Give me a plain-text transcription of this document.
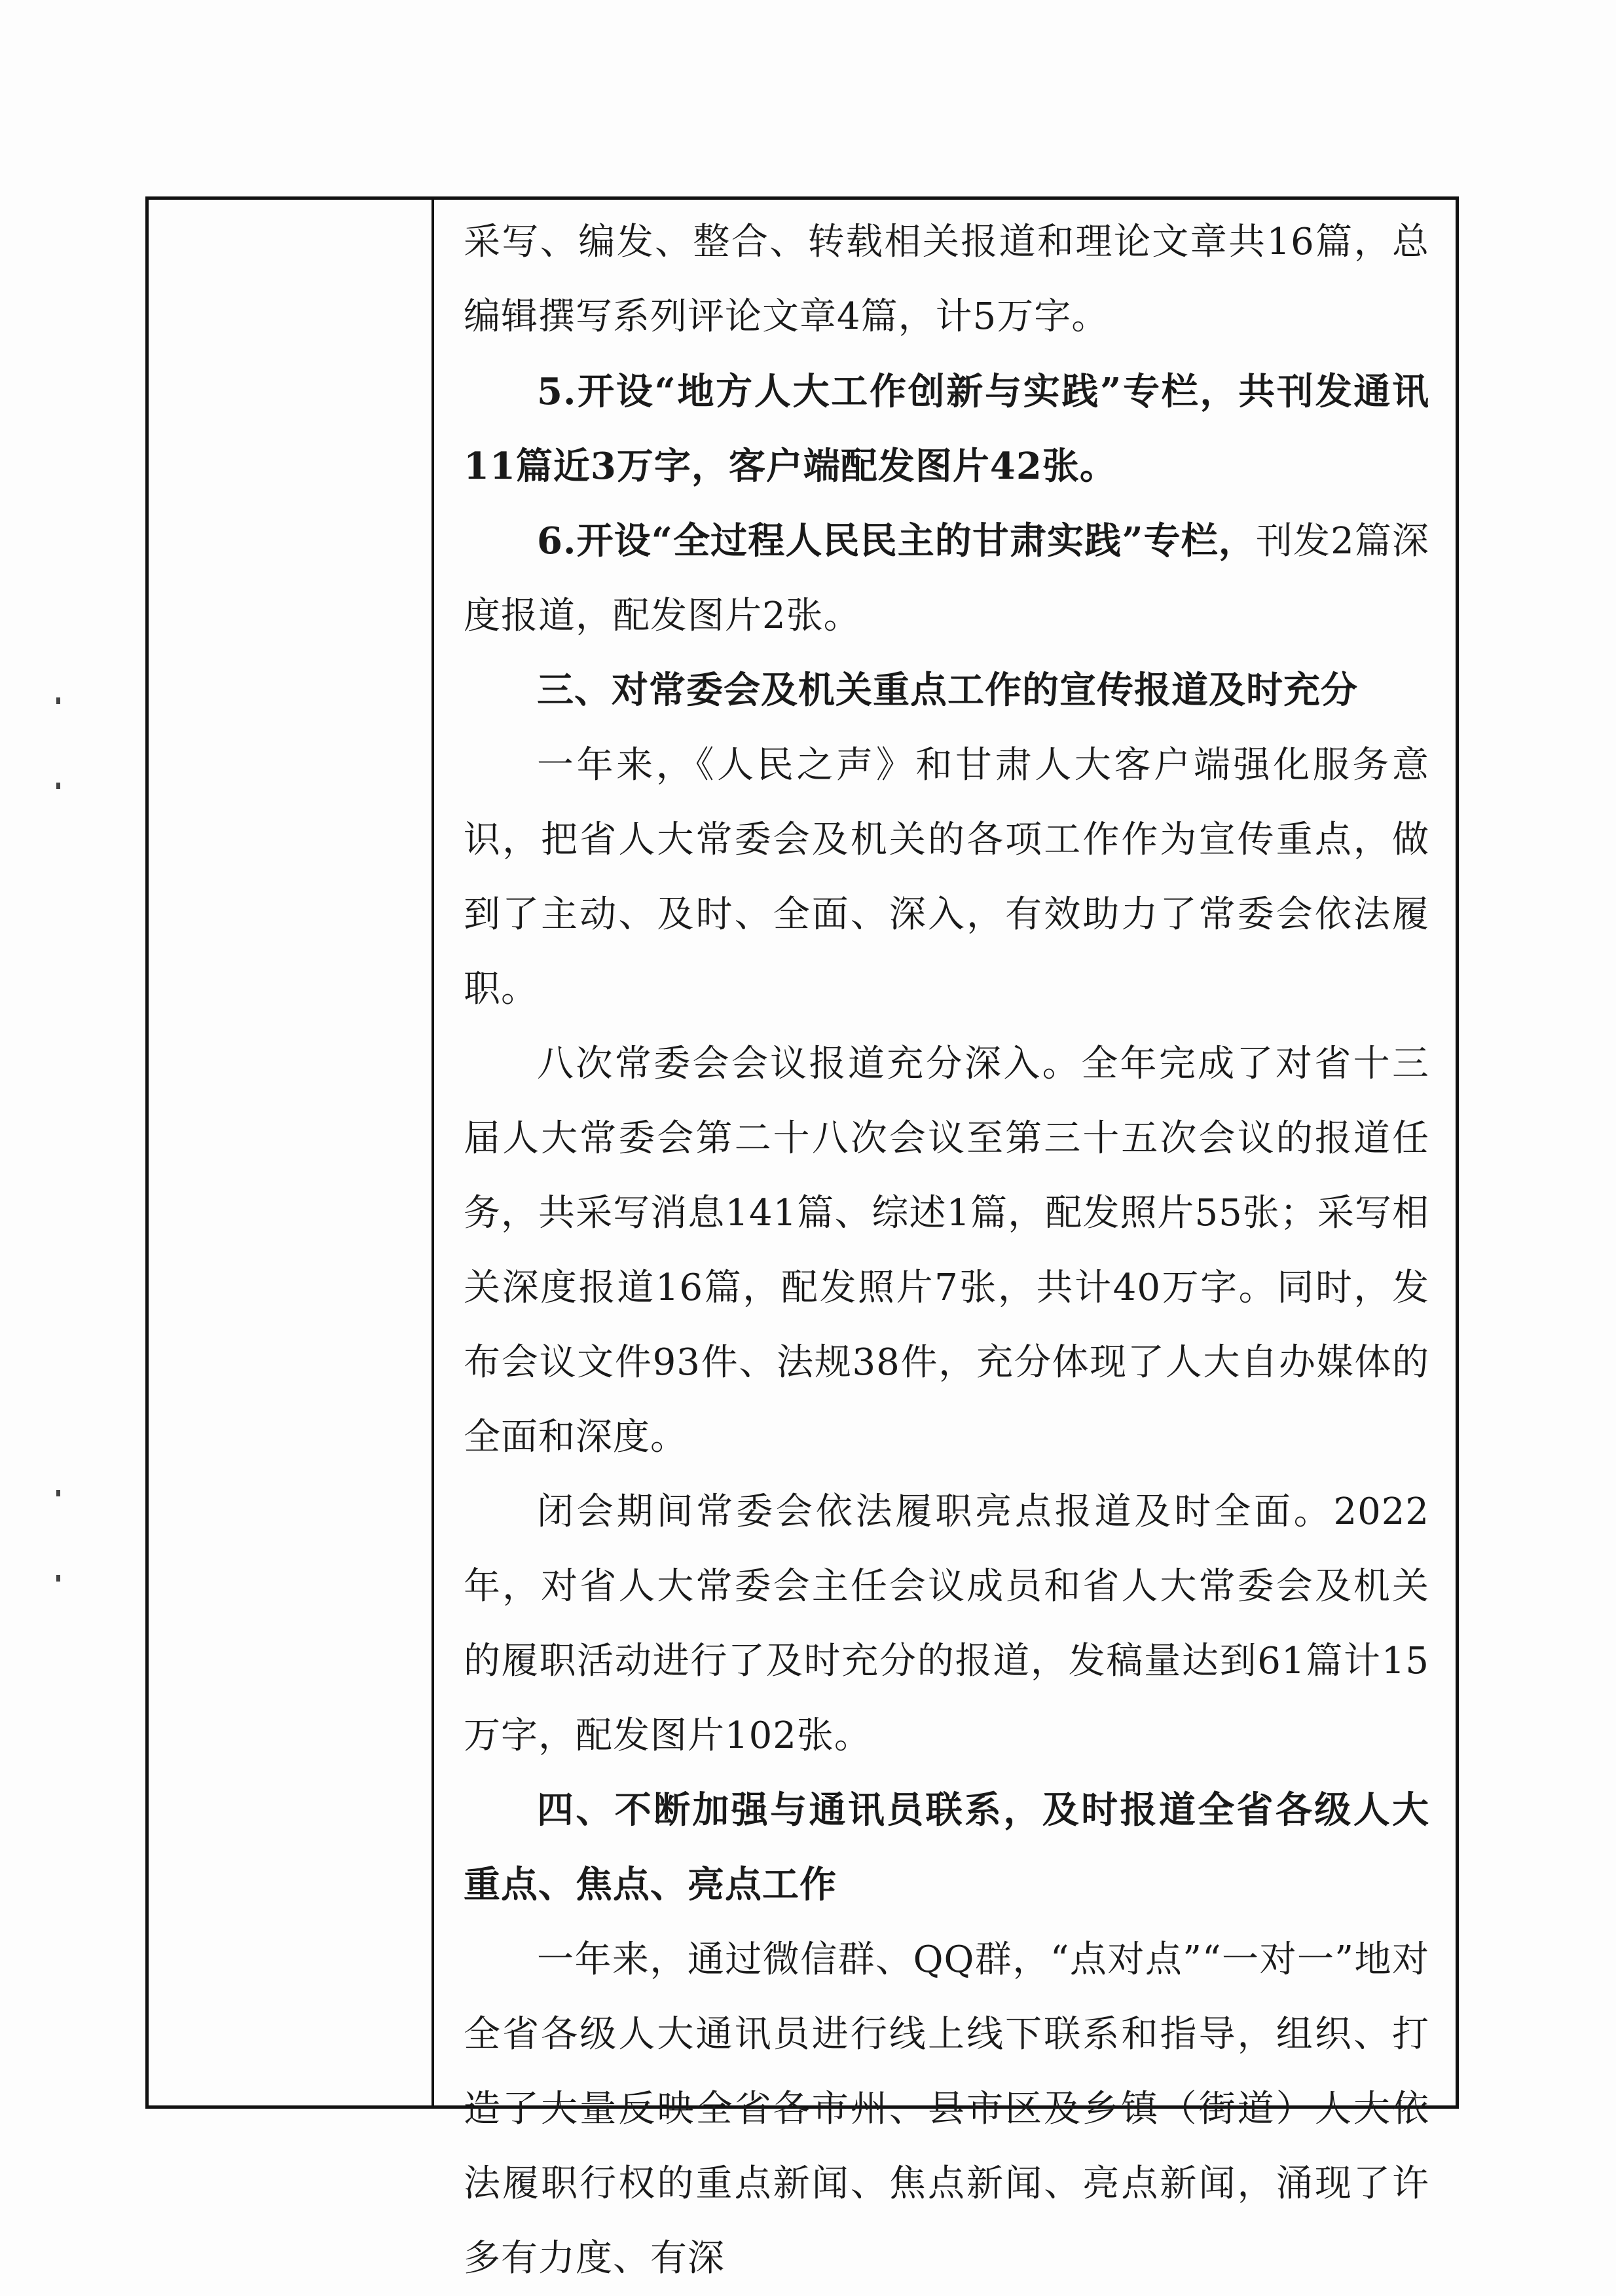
采写、编发、整合、转载相关报道和理论文章共16篇，总编辑撰写系列评论文章4篇，计5万字。

5.开设“地方人大工作创新与实践”专栏，共刊发通讯11篇近3万字，客户端配发图片42张。

6.开设“全过程人民民主的甘肃实践”专栏，刊发2篇深度报道，配发图片2张。

三、对常委会及机关重点工作的宣传报道及时充分

一年来，《人民之声》和甘肃人大客户端强化服务意识，把省人大常委会及机关的各项工作作为宣传重点，做到了主动、及时、全面、深入，有效助力了常委会依法履职。

八次常委会会议报道充分深入。全年完成了对省十三届人大常委会第二十八次会议至第三十五次会议的报道任务，共采写消息141篇、综述1篇，配发照片55张；采写相关深度报道16篇，配发照片7张，共计40万字。同时，发布会议文件93件、法规38件，充分体现了人大自办媒体的全面和深度。

闭会期间常委会依法履职亮点报道及时全面。2022年，对省人大常委会主任会议成员和省人大常委会及机关的履职活动进行了及时充分的报道，发稿量达到61篇计15万字，配发图片102张。

四、不断加强与通讯员联系，及时报道全省各级人大重点、焦点、亮点工作

一年来，通过微信群、QQ群，“点对点”“一对一”地对全省各级人大通讯员进行线上线下联系和指导，组织、打造了大量反映全省各市州、县市区及乡镇（街道）人大依法履职行权的重点新闻、焦点新闻、亮点新闻，涌现了许多有力度、有深
